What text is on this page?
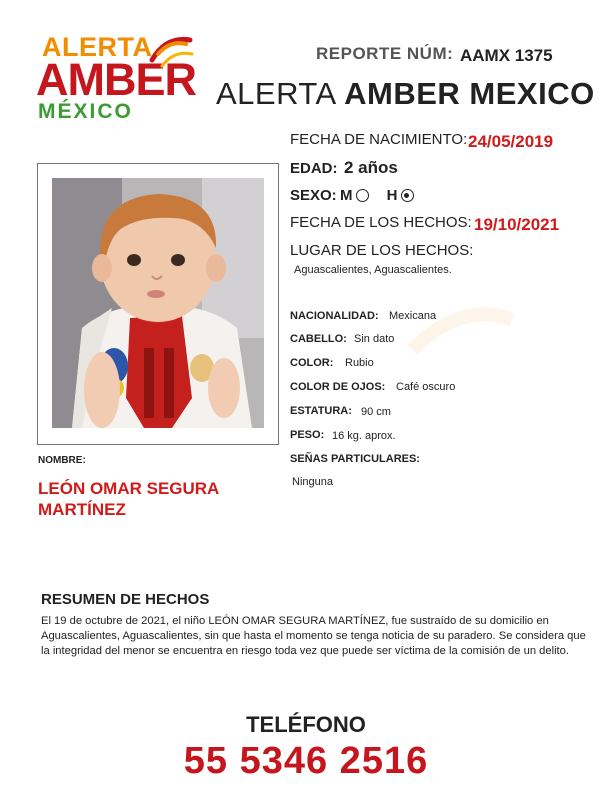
ALERTA
AMBER
MÉXICO
REPORTE NÚM: AAMX 1375
ALERTA AMBER MEXICO
FECHA DE NACIMIENTO: 24/05/2019
EDAD: 2 años
SEXO: M H
FECHA DE LOS HECHOS: 19/10/2021
LUGAR DE LOS HECHOS:
Aguascalientes, Aguascalientes.
NACIONALIDAD: Mexicana
CABELLO: Sin dato
COLOR: Rubio
COLOR DE OJOS: Café oscuro
ESTATURA: 90 cm
PESO: 16 kg. aprox.
SEÑAS PARTICULARES:
Ninguna
NOMBRE:
LEÓN OMAR SEGURA MARTÍNEZ
RESUMEN DE HECHOS
El 19 de octubre de 2021, el niño LEÓN OMAR SEGURA MARTÍNEZ, fue sustraído de su domicilio en Aguascalientes, Aguascalientes, sin que hasta el momento se tenga noticia de su paradero. Se considera que la integridad del menor se encuentra en riesgo toda vez que puede ser víctima de la comisión de un delito.
TELÉFONO
55 5346 2516
